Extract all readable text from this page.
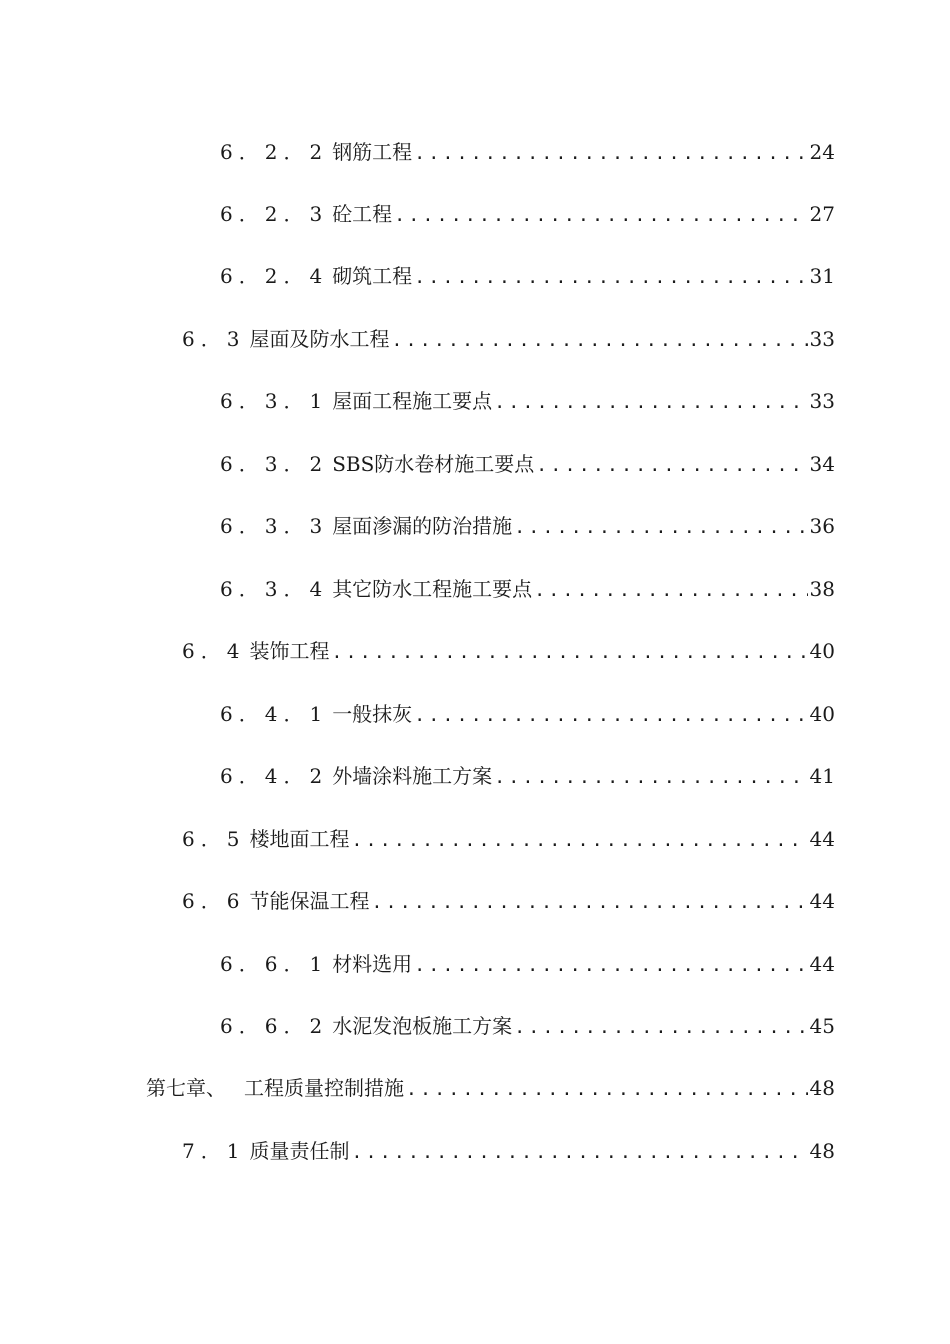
6．2．2 钢筋工程 .....	24
6．2．3 砼工程 .....	27
6．2．4 砌筑工程 .....	31
6．3 屋面及防水工程 .....	33
6．3．1 屋面工程施工要点 .....	33
6．3．2 SBS防水卷材施工要点 .....	34
6．3．3 屋面渗漏的防治措施 .....	36
6．3．4 其它防水工程施工要点 .....	38
6．4 装饰工程 .....	40
6．4．1 一般抹灰 .....	40
6．4．2 外墙涂料施工方案 .....	41
6．5 楼地面工程 .....	44
6．6 节能保温工程 .....	44
6．6．1 材料选用 .....	44
6．6．2 水泥发泡板施工方案 .....	45
第七章、 工程质量控制措施 .....	48
7．1 质量责任制 .....	48
